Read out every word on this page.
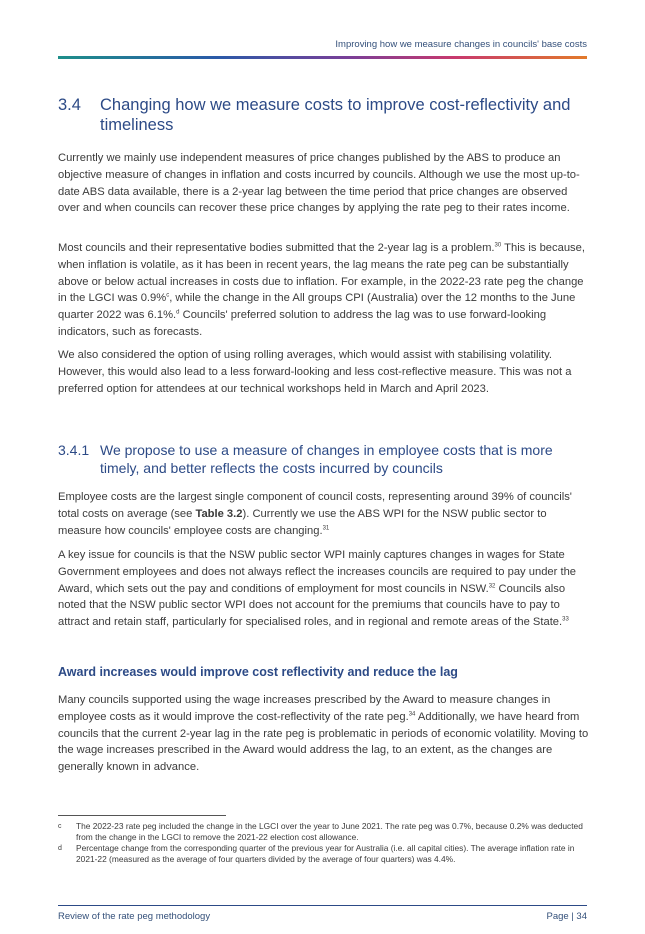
Improving how we measure changes in councils' base costs
3.4 Changing how we measure costs to improve cost-reflectivity and timeliness

Currently we mainly use independent measures of price changes published by the ABS to produce an objective measure of changes in inflation and costs incurred by councils. Although we use the most up-to-date ABS data available, there is a 2-year lag between the time period that price changes are observed over and when councils can recover these price changes by applying the rate peg to their rates income.

Most councils and their representative bodies submitted that the 2-year lag is a problem.$^{30}$ This is because, when inflation is volatile, as it has been in recent years, the lag means the rate peg can be substantially above or below actual increases in costs due to inflation. For example, in the 2022-23 rate peg the change in the LGCI was 0.9%$^c$, while the change in the All groups CPI (Australia) over the 12 months to the June quarter 2022 was 6.1%.$^d$ Councils' preferred solution to address the lag was to use forward-looking indicators, such as forecasts.

We also considered the option of using rolling averages, which would assist with stabilising volatility. However, this would also lead to a less forward-looking and less cost-reflective measure. This was not a preferred option for attendees at our technical workshops held in March and April 2023.

3.4.1 We propose to use a measure of changes in employee costs that is more timely, and better reflects the costs incurred by councils

Employee costs are the largest single component of council costs, representing around 39% of councils' total costs on average (see Table 3.2). Currently we use the ABS WPI for the NSW public sector to measure how councils' employee costs are changing.$^{31}$

A key issue for councils is that the NSW public sector WPI mainly captures changes in wages for State Government employees and does not always reflect the increases councils are required to pay under the Award, which sets out the pay and conditions of employment for most councils in NSW.$^{32}$ Councils also noted that the NSW public sector WPI does not account for the premiums that councils have to pay to attract and retain staff, particularly for specialised roles, and in regional and remote areas of the State.$^{33}$

Award increases would improve cost reflectivity and reduce the lag

Many councils supported using the wage increases prescribed by the Award to measure changes in employee costs as it would improve the cost-reflectivity of the rate peg.$^{34}$ Additionally, we have heard from councils that the current 2-year lag in the rate peg is problematic in periods of economic volatility. Moving to the wage increases prescribed in the Award would address the lag, to an extent, as the changes are generally known in advance.

c The 2022-23 rate peg included the change in the LGCI over the year to June 2021. The rate peg was 0.7%, because 0.2% was deducted from the change in the LGCI to remove the 2021-22 election cost allowance.
d Percentage change from the corresponding quarter of the previous year for Australia (i.e. all capital cities). The average inflation rate in 2021-22 (measured as the average of four quarters divided by the average of four quarters) was 4.4%.
Review of the rate peg methodology	Page | 34
